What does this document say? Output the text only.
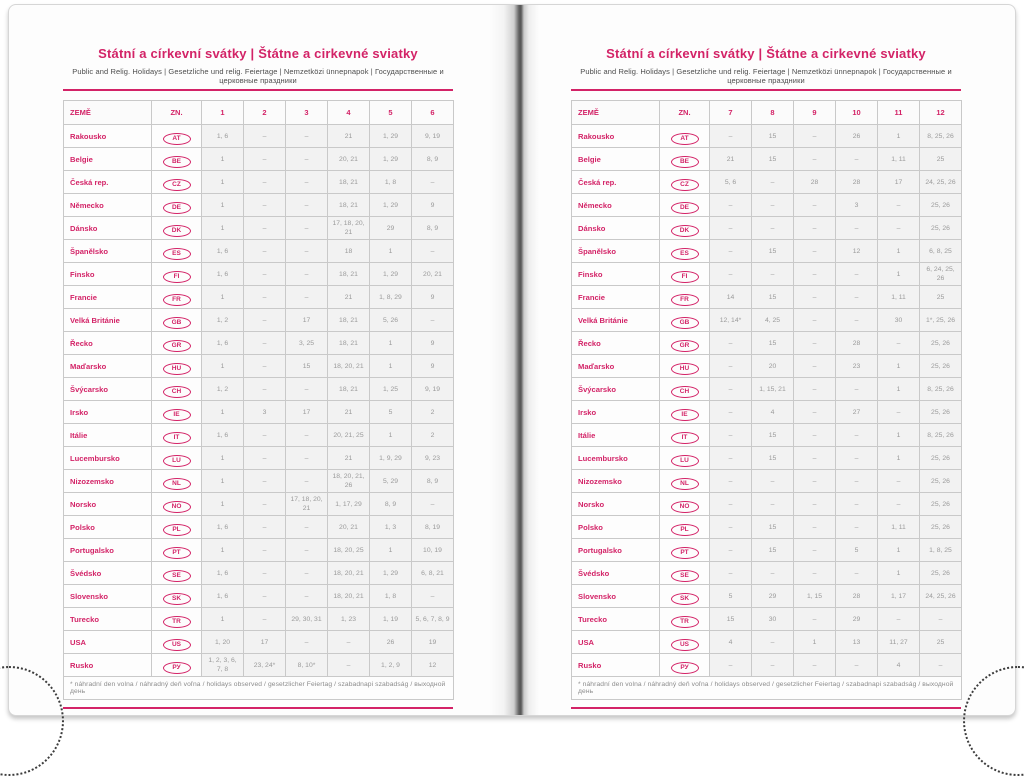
Státní a církevní svátky | Štátne a cirkevné sviatky
Public and Relig. Holidays | Gesetzliche und relig. Feiertage | Nemzetközi ünnepnapok | Государственные и церковные праздники
ZEMĚ	ZN.	1	2	3	4	5	6
Rakousko	AT	1, 6	–	–	21	1, 29	9, 19
Belgie	BE	1	–	–	20, 21	1, 29	8, 9
Česká rep.	CZ	1	–	–	18, 21	1, 8	–
Německo	DE	1	–	–	18, 21	1, 29	9
Dánsko	DK	1	–	–	17, 18, 20, 21	29	8, 9
Španělsko	ES	1, 6	–	–	18	1	–
Finsko	FI	1, 6	–	–	18, 21	1, 29	20, 21
Francie	FR	1	–	–	21	1, 8, 29	9
Velká Británie	GB	1, 2	–	17	18, 21	5, 26	–
Řecko	GR	1, 6	–	3, 25	18, 21	1	9
Maďarsko	HU	1	–	15	18, 20, 21	1	9
Švýcarsko	CH	1, 2	–	–	18, 21	1, 25	9, 19
Irsko	IE	1	3	17	21	5	2
Itálie	IT	1, 6	–	–	20, 21, 25	1	2
Lucembursko	LU	1	–	–	21	1, 9, 29	9, 23
Nizozemsko	NL	1	–	–	18, 20, 21, 26	5, 29	8, 9
Norsko	NO	1	–	17, 18, 20, 21	1, 17, 29	8, 9	–
Polsko	PL	1, 6	–	–	20, 21	1, 3	8, 19
Portugalsko	PT	1	–	–	18, 20, 25	1	10, 19
Švédsko	SE	1, 6	–	–	18, 20, 21	1, 29	6, 8, 21
Slovensko	SK	1, 6	–	–	18, 20, 21	1, 8	–
Turecko	TR	1	–	29, 30, 31	1, 23	1, 19	5, 6, 7, 8, 9
USA	US	1, 20	17	–	–	26	19
Rusko	РУ	1, 2, 3, 6, 7, 8	23, 24*	8, 10*	–	1, 2, 9	12
* náhradní den volna / náhradný deň voľna / holidays observed / gesetzlicher Feiertag / szabadnapi szabadság / выходной день							
Státní a církevní svátky | Štátne a cirkevné sviatky
Public and Relig. Holidays | Gesetzliche und relig. Feiertage | Nemzetközi ünnepnapok | Государственные и церковные праздники
ZEMĚ	ZN.	7	8	9	10	11	12
Rakousko	AT	–	15	–	26	1	8, 25, 26
Belgie	BE	21	15	–	–	1, 11	25
Česká rep.	CZ	5, 6	–	28	28	17	24, 25, 26
Německo	DE	–	–	–	3	–	25, 26
Dánsko	DK	–	–	–	–	–	25, 26
Španělsko	ES	–	15	–	12	1	6, 8, 25
Finsko	FI	–	–	–	–	1	6, 24, 25, 26
Francie	FR	14	15	–	–	1, 11	25
Velká Británie	GB	12, 14*	4, 25	–	–	30	1*, 25, 26
Řecko	GR	–	15	–	28	–	25, 26
Maďarsko	HU	–	20	–	23	1	25, 26
Švýcarsko	CH	–	1, 15, 21	–	–	1	8, 25, 26
Irsko	IE	–	4	–	27	–	25, 26
Itálie	IT	–	15	–	–	1	8, 25, 26
Lucembursko	LU	–	15	–	–	1	25, 26
Nizozemsko	NL	–	–	–	–	–	25, 26
Norsko	NO	–	–	–	–	–	25, 26
Polsko	PL	–	15	–	–	1, 11	25, 26
Portugalsko	PT	–	15	–	5	1	1, 8, 25
Švédsko	SE	–	–	–	–	1	25, 26
Slovensko	SK	5	29	1, 15	28	1, 17	24, 25, 26
Turecko	TR	15	30	–	29	–	–
USA	US	4	–	1	13	11, 27	25
Rusko	РУ	–	–	–	–	4	–
* náhradní den volna / náhradný deň voľna / holidays observed / gesetzlicher Feiertag / szabadnapi szabadság / выходной день							
